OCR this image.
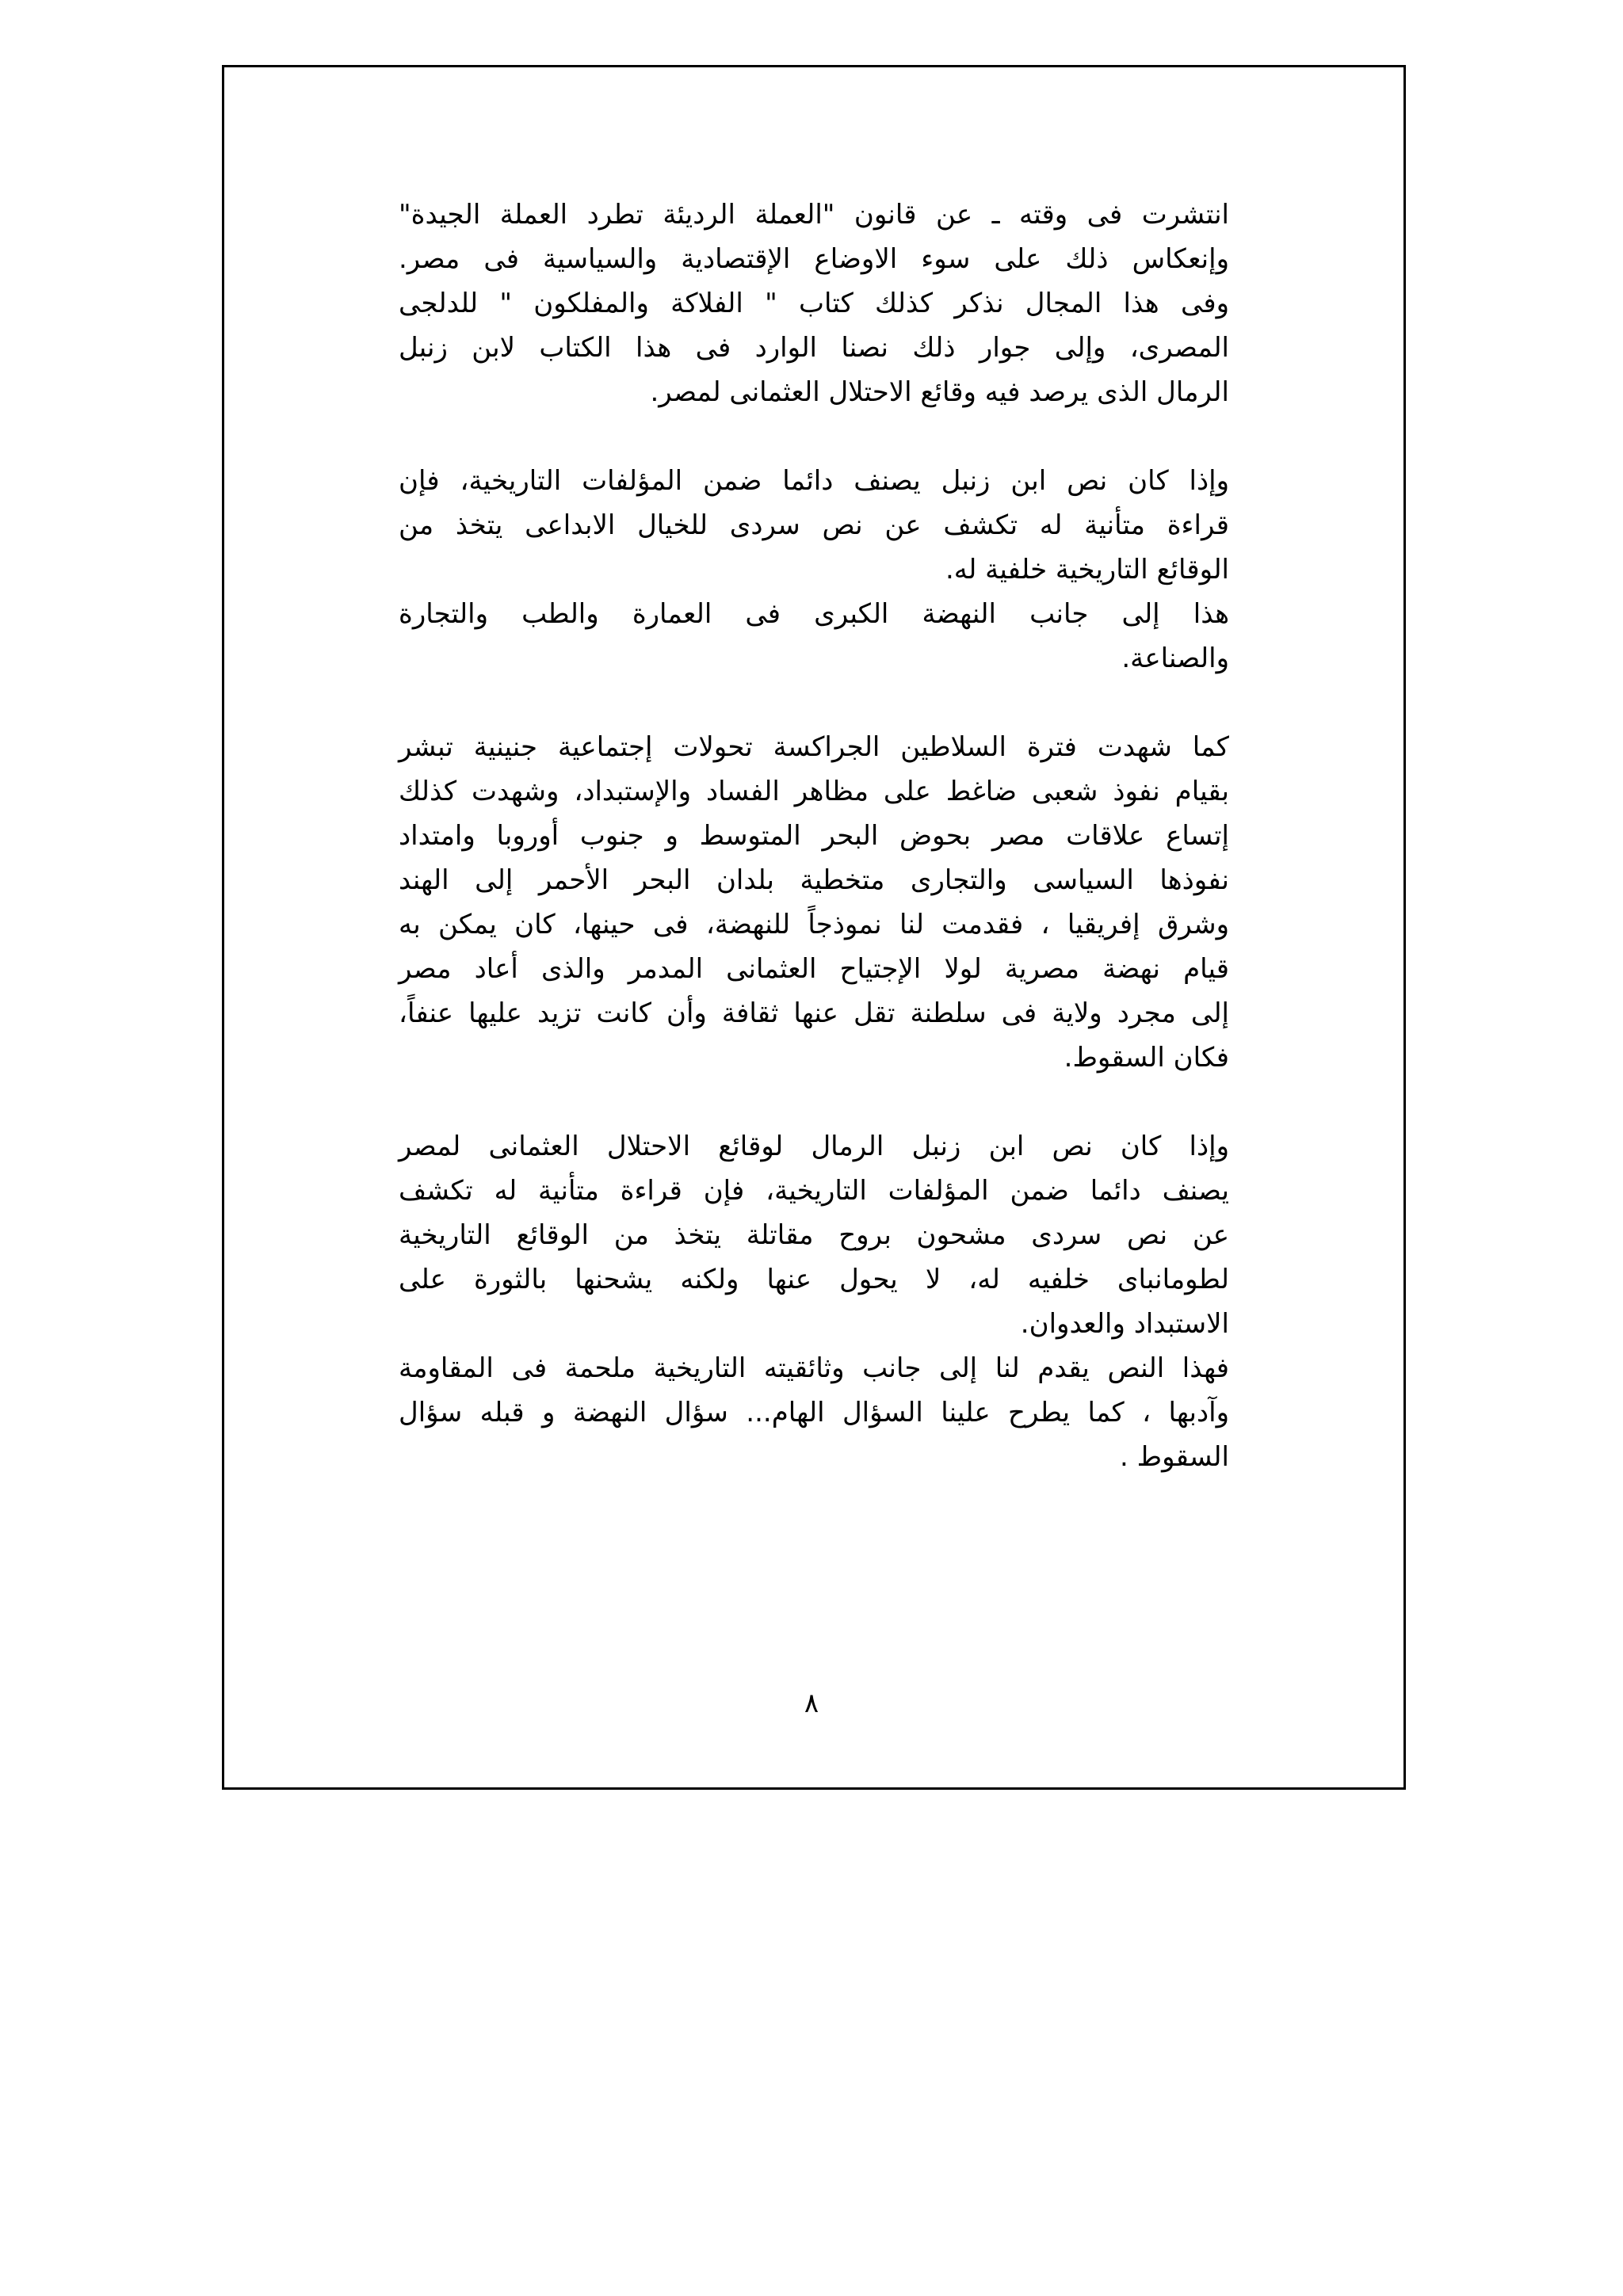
انتشرت فى وقته ـ عن قانون "العملة الرديئة تطرد العملة الجيدة"
وإنعكاس ذلك على سوء الاوضاع الإقتصادية والسياسية فى مصر.
وفى هذا المجال نذكر كذلك كتاب " الفلاكة والمفلكون " للدلجى
المصرى، وإلى جوار ذلك نصنا الوارد فى هذا الكتاب لابن زنبل
الرمال الذى يرصد فيه وقائع الاحتلال العثمانى لمصر.

وإذا كان نص ابن زنبل يصنف دائما ضمن المؤلفات التاريخية، فإن
قراءة متأنية له تكشف عن نص سردى للخيال الابداعى يتخذ من
الوقائع التاريخية خلفية له.

هذا إلى جانب النهضة الكبرى فى العمارة والطب والتجارة
والصناعة.

كما شهدت فترة السلاطين الجراكسة تحولات إجتماعية جنينية تبشر
بقيام نفوذ شعبى ضاغط على مظاهر الفساد والإستبداد، وشهدت كذلك
إتساع علاقات مصر بحوض البحر المتوسط و جنوب أوروبا وامتداد
نفوذها السياسى والتجارى متخطية بلدان البحر الأحمر إلى الهند
وشرق إفريقيا ، فقدمت لنا نموذجاً للنهضة، فى حينها، كان يمكن به
قيام نهضة مصرية لولا الإجتياح العثمانى المدمر والذى أعاد مصر
إلى مجرد ولاية فى سلطنة تقل عنها ثقافة وأن كانت تزيد عليها عنفاً،
فكان السقوط.

وإذا كان نص ابن زنبل الرمال لوقائع الاحتلال العثمانى لمصر
يصنف دائما ضمن المؤلفات التاريخية، فإن قراءة متأنية له تكشف
عن نص سردى مشحون بروح مقاتلة يتخذ من الوقائع التاريخية
لطومانباى خلفيه له، لا يحول عنها ولكنه يشحنها بالثورة على
الاستبداد والعدوان.

فهذا النص يقدم لنا إلى جانب وثائقيته التاريخية ملحمة فى المقاومة
وآدبها ، كما يطرح علينا السؤال الهام... سؤال النهضة و قبله سؤال
السقوط .

٨
